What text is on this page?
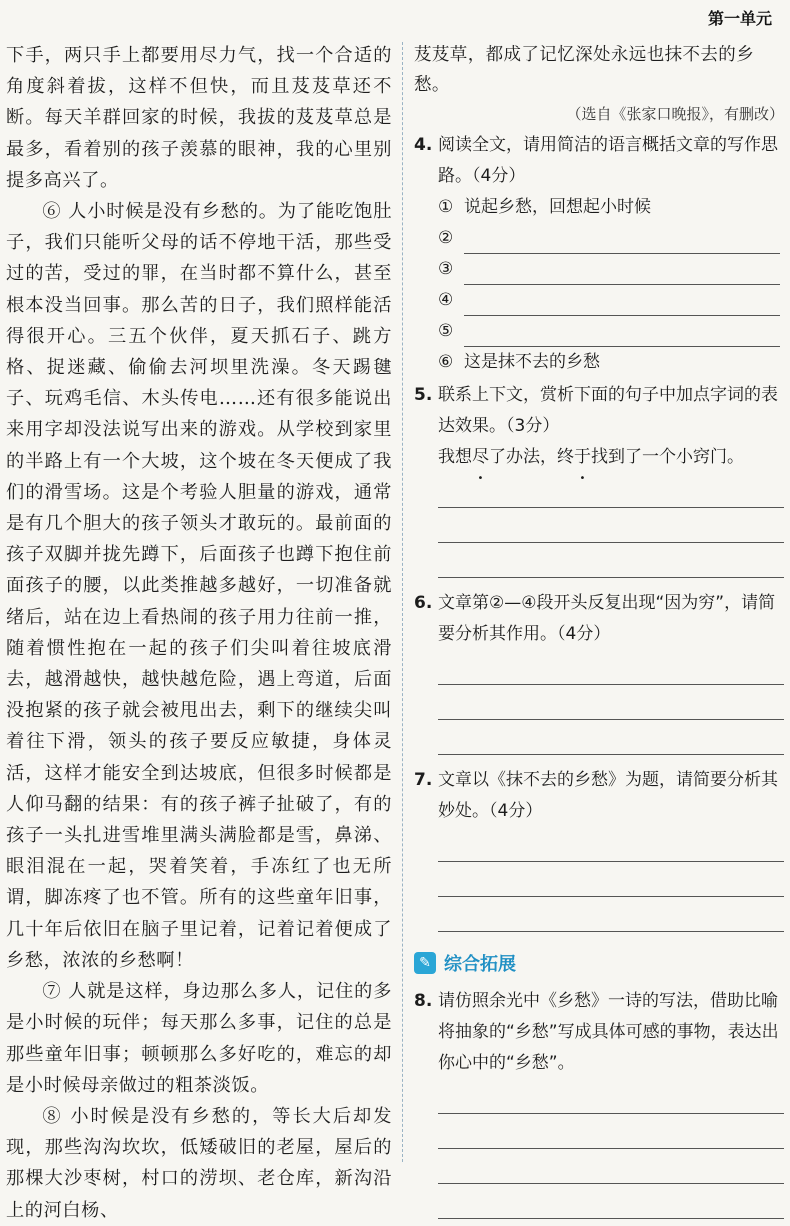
第一单元

下手，两只手上都要用尽力气，找一个合适的角度斜着拔，这样不但快，而且芨芨草还不断。每天羊群回家的时候，我拔的芨芨草总是最多，看着别的孩子羡慕的眼神，我的心里别提多高兴了。

⑥ 人小时候是没有乡愁的。为了能吃饱肚子，我们只能听父母的话不停地干活，那些受过的苦，受过的罪，在当时都不算什么，甚至根本没当回事。那么苦的日子，我们照样能活得很开心。三五个伙伴，夏天抓石子、跳方格、捉迷藏、偷偷去河坝里洗澡。冬天踢毽子、玩鸡毛信、木头传电……还有很多能说出来用字却没法说写出来的游戏。从学校到家里的半路上有一个大坡，这个坡在冬天便成了我们的滑雪场。这是个考验人胆量的游戏，通常是有几个胆大的孩子领头才敢玩的。最前面的孩子双脚并拢先蹲下，后面孩子也蹲下抱住前面孩子的腰，以此类推越多越好，一切准备就绪后，站在边上看热闹的孩子用力往前一推，随着惯性抱在一起的孩子们尖叫着往坡底滑去，越滑越快，越快越危险，遇上弯道，后面没抱紧的孩子就会被甩出去，剩下的继续尖叫着往下滑，领头的孩子要反应敏捷，身体灵活，这样才能安全到达坡底，但很多时候都是人仰马翻的结果：有的孩子裤子扯破了，有的孩子一头扎进雪堆里满头满脸都是雪，鼻涕、眼泪混在一起，哭着笑着，手冻红了也无所谓，脚冻疼了也不管。所有的这些童年旧事，几十年后依旧在脑子里记着，记着记着便成了乡愁，浓浓的乡愁啊！

⑦ 人就是这样，身边那么多人，记住的多是小时候的玩伴；每天那么多事，记住的总是那些童年旧事；顿顿那么多好吃的，难忘的却是小时候母亲做过的粗茶淡饭。

⑧ 小时候是没有乡愁的，等长大后却发现，那些沟沟坎坎，低矮破旧的老屋，屋后的那棵大沙枣树，村口的涝坝、老仓库，新沟沿上的河白杨、

芨芨草，都成了记忆深处永远也抹不去的乡愁。
（选自《张家口晚报》，有删改）
4. 阅读全文，请用简洁的语言概括文章的写作思路。（4分）
① 说起乡愁，回想起小时候
②
③
④
⑤
⑥ 这是抹不去的乡愁
5. 联系上下文，赏析下面的句子中加点字词的表达效果。（3分）
我想尽了办法，终于找到了一个小窍门。
6. 文章第②—④段开头反复出现“因为穷”，请简要分析其作用。（4分）
7. 文章以《抹不去的乡愁》为题，请简要分析其妙处。（4分）
✎ 综合拓展
8. 请仿照余光中《乡愁》一诗的写法，借助比喻将抽象的“乡愁”写成具体可感的事物，表达出你心中的“乡愁”。
